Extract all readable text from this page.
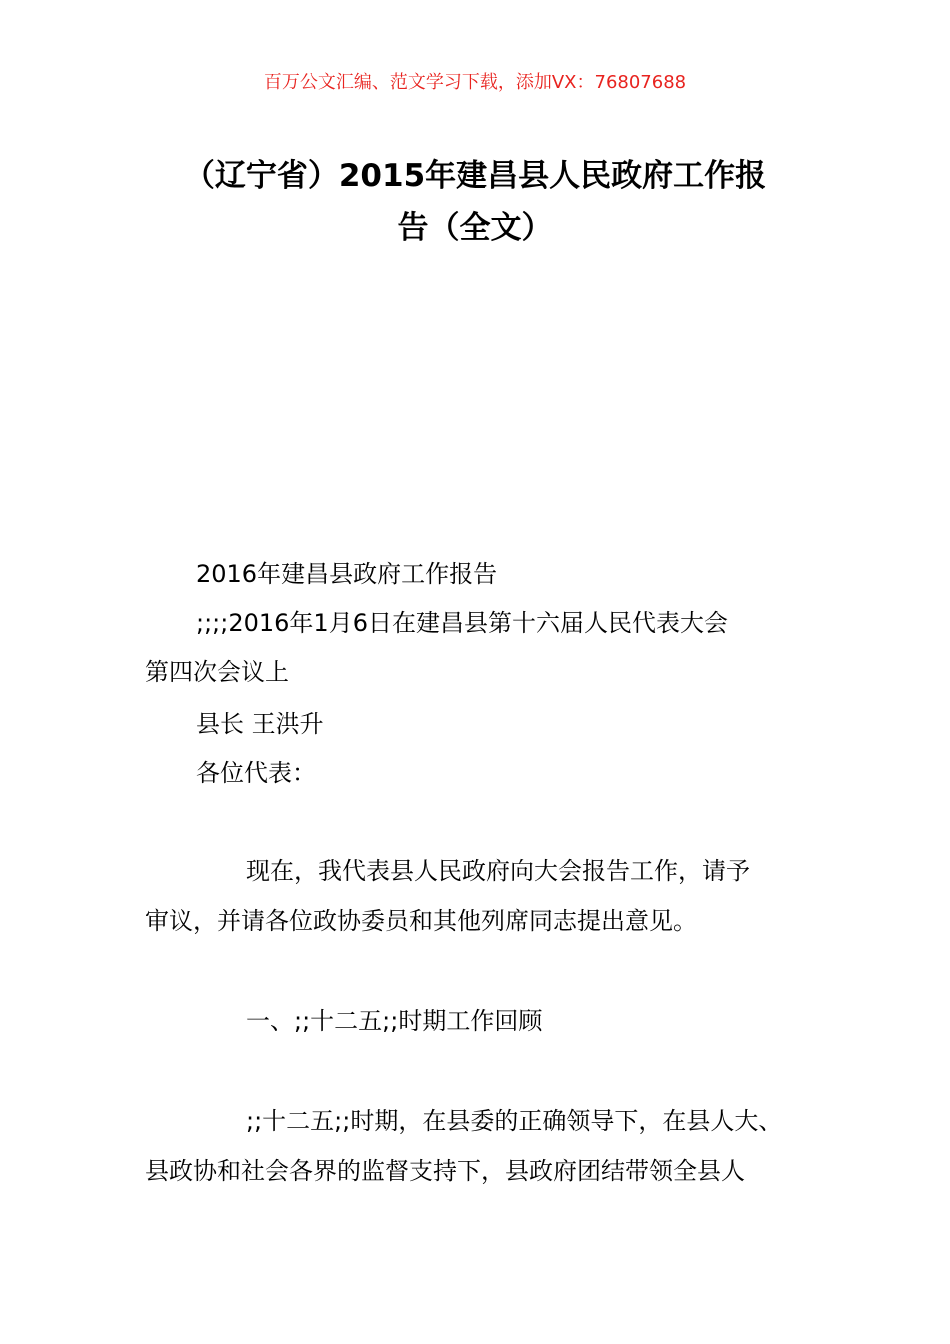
百万公文汇编、范文学习下载，添加VX：76807688
（辽宁省）2015年建昌县人民政府工作报
告（全文）
2016年建昌县政府工作报告
;;;;2016年1月6日在建昌县第十六届人民代表大会
第四次会议上
县长 王洪升
各位代表：
现在，我代表县人民政府向大会报告工作，请予
审议，并请各位政协委员和其他列席同志提出意见。
一、;;十二五;;时期工作回顾
;;十二五;;时期，在县委的正确领导下，在县人大、
县政协和社会各界的监督支持下，县政府团结带领全县人
